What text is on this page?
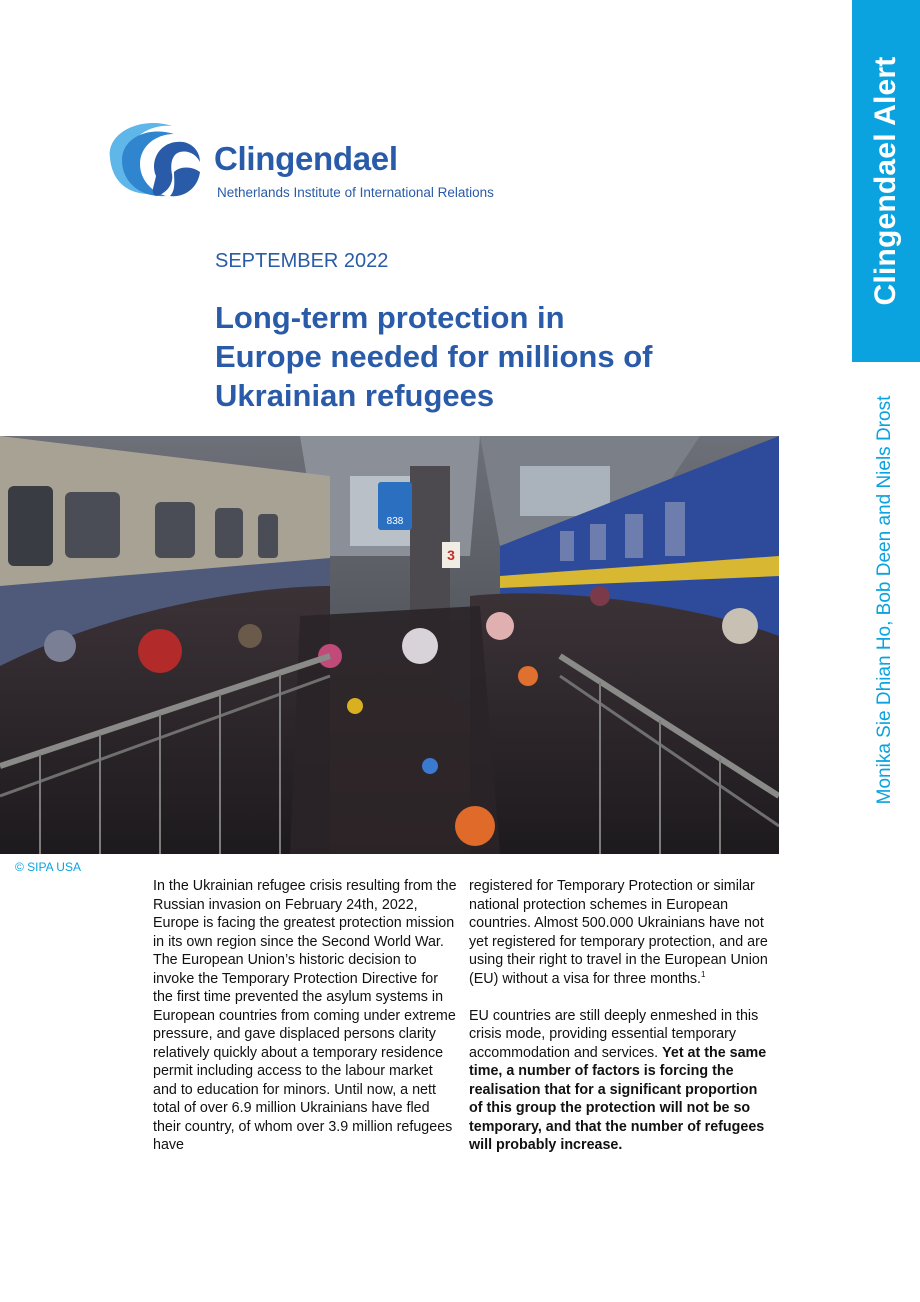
Clingendael Alert
Monika Sie Dhian Ho, Bob Deen and Niels Drost
Clingendael
Netherlands Institute of International Relations
SEPTEMBER 2022
Long-term protection in Europe needed for millions of Ukrainian refugees
838
3
© SIPA USA

In the Ukrainian refugee crisis resulting from the Russian invasion on February 24th, 2022, Europe is facing the greatest protection mission in its own region since the Second World War. The European Union’s historic decision to invoke the Temporary Protection Directive for the first time prevented the asylum systems in European countries from coming under extreme pressure, and gave displaced persons clarity relatively quickly about a temporary residence permit including access to the labour market and to education for minors. Until now, a nett total of over 6.9 million Ukrainians have fled their country, of whom over 3.9 million refugees have

registered for Temporary Protection or similar national protection schemes in European countries. Almost 500.000 Ukrainians have not yet registered for temporary protection, and are using their right to travel in the European Union (EU) without a visa for three months.$^1$

EU countries are still deeply enmeshed in this crisis mode, providing essential temporary accommodation and services. Yet at the same time, a number of factors is forcing the realisation that for a significant proportion of this group the protection will not be so temporary, and that the number of refugees will probably increase.
